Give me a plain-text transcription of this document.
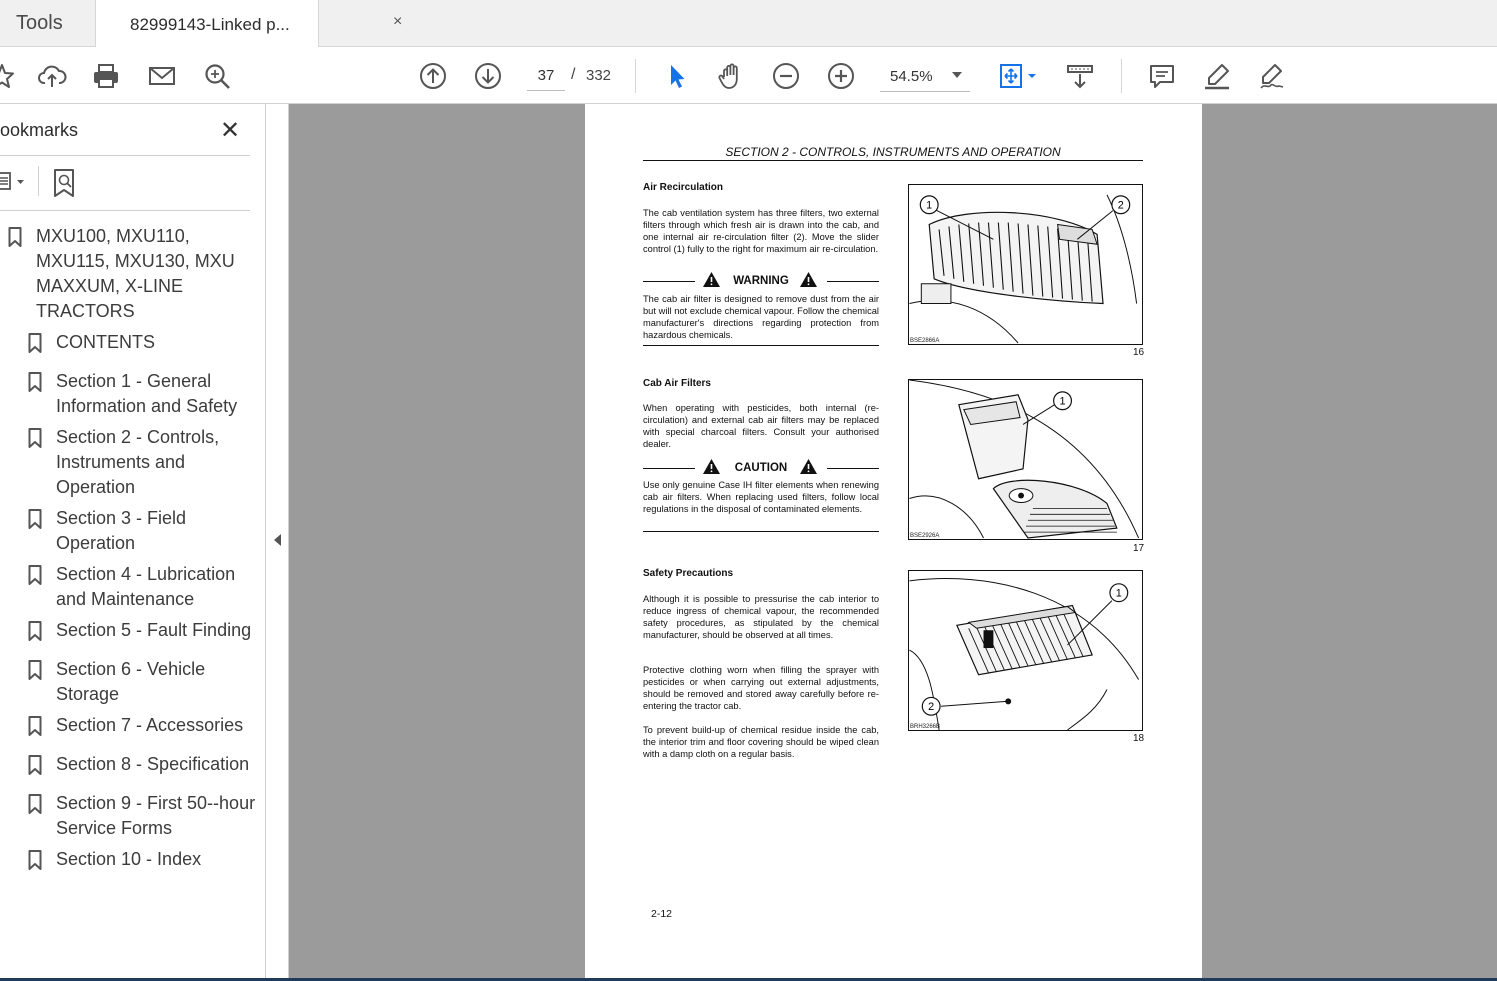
Tools	82999143-Linked p...	×
37
/ 332	54.5%
ookmarks	✕
MXU100, MXU110,
MXU115, MXU130, MXU
MAXXUM, X-LINE
TRACTORS
CONTENTS
Section 1 - General
Information and Safety
Section 2 - Controls,
Instruments and
Operation
Section 3 - Field
Operation
Section 4 - Lubrication
and Maintenance
Section 5 - Fault Finding
Section 6 - Vehicle
Storage
Section 7 - Accessories
Section 8 - Specification
Section 9 - First 50--hour
Service Forms
Section 10 - Index
SECTION 2 - CONTROLS, INSTRUMENTS AND OPERATION
Air Recirculation
The cab ventilation system has three filters, two external filters through which fresh air is drawn into the cab, and one internal air re-circulation filter (2). Move the slider control (1) fully to the right for maximum air re-circulation.
WARNING
The cab air filter is designed to remove dust from the air but will not exclude chemical vapour. Follow the chemical manufacturer's directions regarding protection from hazardous chemicals.
1	2
BSE2866A
16
Cab Air Filters
When operating with pesticides, both internal (re-circulation) and external cab air filters may be replaced with special charcoal filters. Consult your authorised dealer.
CAUTION
Use only genuine Case IH filter elements when renewing cab air filters. When replacing used filters, follow local regulations in the disposal of contaminated elements.
1
BSE2926A
17
Safety Precautions
Although it is possible to pressurise the cab interior to reduce ingress of chemical vapour, the recommended safety procedures, as stipulated by the chemical manufacturer, should be observed at all times.
Protective clothing worn when filling the sprayer with pesticides or when carrying out external adjustments, should be removed and stored away carefully before re-entering the tractor cab.
To prevent build-up of chemical residue inside the cab, the interior trim and floor covering should be wiped clean with a damp cloth on a regular basis.
1
2
BRH3266B
18
2-12
